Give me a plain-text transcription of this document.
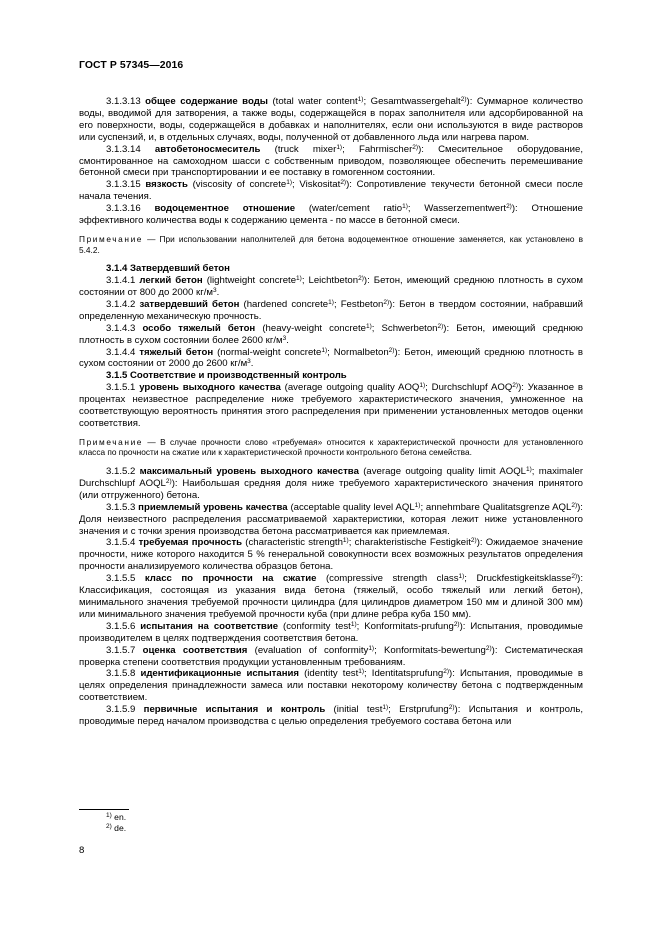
ГОСТ Р 57345—2016

3.1.3.13 общее содержание воды (total water content$^{1)}$; Gesamtwassergehalt$^{2)}$): Суммарное количество воды, вводимой для затворения, а также воды, содержащейся в порах заполнителя или адсорбированной на его поверхности, воды, содержащейся в добавках и наполнителях, если они используются в виде растворов или суспензий, и, в отдельных случаях, воды, полученной от добавленного льда или нагрева паром.

3.1.3.14 автобетоносмеситель (truck mixer$^{1)}$; Fahrmischer$^{2)}$): Смесительное оборудование, смонтированное на самоходном шасси с собственным приводом, позволяющее обеспечить перемешивание бетонной смеси при транспортировании и ее поставку в гомогенном состоянии.

3.1.3.15 вязкость (viscosity of concrete$^{1)}$; Viskositat$^{2)}$): Сопротивление текучести бетонной смеси после начала течения.

3.1.3.16 водоцементное отношение (water/cement ratio$^{1)}$; Wasserzementwert$^{2)}$): Отношение эффективного количества воды к содержанию цемента - по массе в бетонной смеси.

Примечание — При использовании наполнителей для бетона водоцементное отношение заменяется, как установлено в 5.4.2.

3.1.4 Затвердевший бетон

3.1.4.1 легкий бетон (lightweight concrete$^{1)}$; Leichtbeton$^{2)}$): Бетон, имеющий среднюю плотность в сухом состоянии от 800 до 2000 $кг/м^3$.

3.1.4.2 затвердевший бетон (hardened concrete$^{1)}$; Festbeton$^{2)}$): Бетон в твердом состоянии, набравший определенную механическую прочность.

3.1.4.3 особо тяжелый бетон (heavy-weight concrete$^{1)}$; Schwerbeton$^{2)}$): Бетон, имеющий среднюю плотность в сухом состоянии более 2600 $кг/м^3$.

3.1.4.4 тяжелый бетон (normal-weight concrete$^{1)}$; Normalbeton$^{2)}$): Бетон, имеющий среднюю плотность в сухом состоянии от 2000 до 2600 $кг/м^3$.

3.1.5 Соответствие и производственный контроль

3.1.5.1 уровень выходного качества (average outgoing quality AOQ$^{1)}$; Durchschlupf AOQ$^{2)}$): Указанное в процентах неизвестное распределение ниже требуемого характеристического значения, умноженное на соответствующую вероятность принятия этого распределения при применении установленных методов оценки соответствия.

Примечание — В случае прочности слово «требуемая» относится к характеристической прочности для установленного класса по прочности на сжатие или к характеристической прочности контрольного бетона семейства.

3.1.5.2 максимальный уровень выходного качества (average outgoing quality limit AOQL$^{1)}$; maximaler Durchschlupf AOQL$^{2)}$): Наибольшая средняя доля ниже требуемого характеристического значения принятого (или отгруженного) бетона.

3.1.5.3 приемлемый уровень качества (acceptable quality level AQL$^{1)}$; annehmbare Qualitatsgrenze AQL$^{2)}$): Доля неизвестного распределения рассматриваемой характеристики, которая лежит ниже установленного значения и с точки зрения производства бетона рассматривается как приемлемая.

3.1.5.4 требуемая прочность (characteristic strength$^{1)}$; charakteristische Festigkeit$^{2)}$): Ожидаемое значение прочности, ниже которого находится 5 % генеральной совокупности всех возможных результатов определения прочности анализируемого количества образцов бетона.

3.1.5.5 класс по прочности на сжатие (compressive strength class$^{1)}$; Druckfestigkeitsklasse$^{2)}$): Классификация, состоящая из указания вида бетона (тяжелый, особо тяжелый или легкий бетон), минимального значения требуемой прочности цилиндра (для цилиндров диаметром 150 мм и длиной 300 мм) или минимального значения требуемой прочности куба (при длине ребра куба 150 мм).

3.1.5.6 испытания на соответствие (conformity test$^{1)}$; Konformitats-prufung$^{2)}$): Испытания, проводимые производителем в целях подтверждения соответствия бетона.

3.1.5.7 оценка соответствия (evaluation of conformity$^{1)}$; Konformitats-bewertung$^{2)}$): Систематическая проверка степени соответствия продукции установленным требованиям.

3.1.5.8 идентификационные испытания (identity test$^{1)}$; Identitatsprufung$^{2)}$): Испытания, проводимые в целях определения принадлежности замеса или поставки некоторому количеству бетона с подтвержденным соответствием.

3.1.5.9 первичные испытания и контроль (initial test$^{1)}$; Erstprufung$^{2)}$): Испытания и контроль, проводимые перед началом производства с целью определения требуемого состава бетона или

$^{1)}$ en.
$^{2)}$ de.
8
